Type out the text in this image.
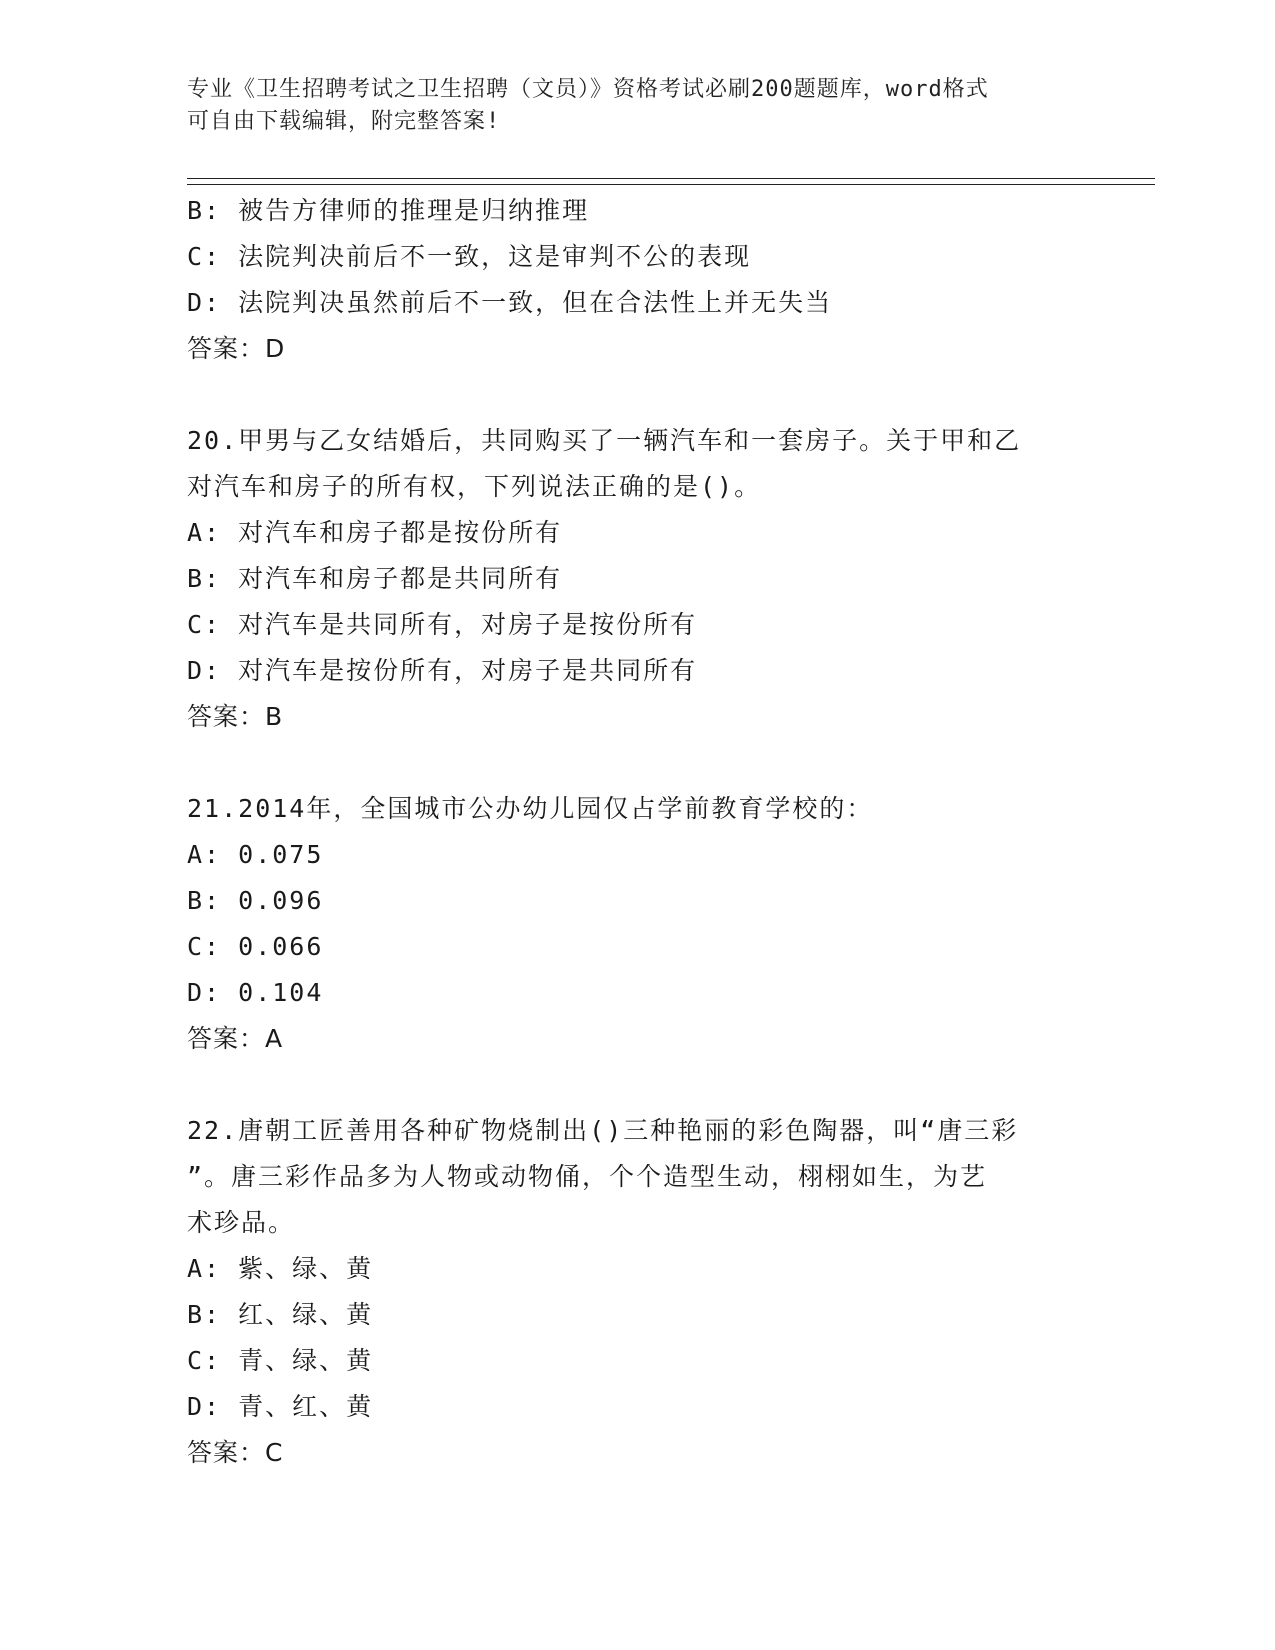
专业《卫生招聘考试之卫生招聘（文员）》资格考试必刷200题题库，word格式
可自由下载编辑，附完整答案!
B: 被告方律师的推理是归纳推理
C: 法院判决前后不一致，这是审判不公的表现
D: 法院判决虽然前后不一致，但在合法性上并无失当
答案：D
20.甲男与乙女结婚后，共同购买了一辆汽车和一套房子。关于甲和乙
对汽车和房子的所有权，下列说法正确的是()。
A: 对汽车和房子都是按份所有
B: 对汽车和房子都是共同所有
C: 对汽车是共同所有，对房子是按份所有
D: 对汽车是按份所有，对房子是共同所有
答案：B
21.2014年，全国城市公办幼儿园仅占学前教育学校的：
A: 0.075
B: 0.096
C: 0.066
D: 0.104
答案：A
22.唐朝工匠善用各种矿物烧制出()三种艳丽的彩色陶器，叫“唐三彩
”。唐三彩作品多为人物或动物俑，个个造型生动，栩栩如生，为艺
术珍品。
A: 紫、绿、黄
B: 红、绿、黄
C: 青、绿、黄
D: 青、红、黄
答案：C
